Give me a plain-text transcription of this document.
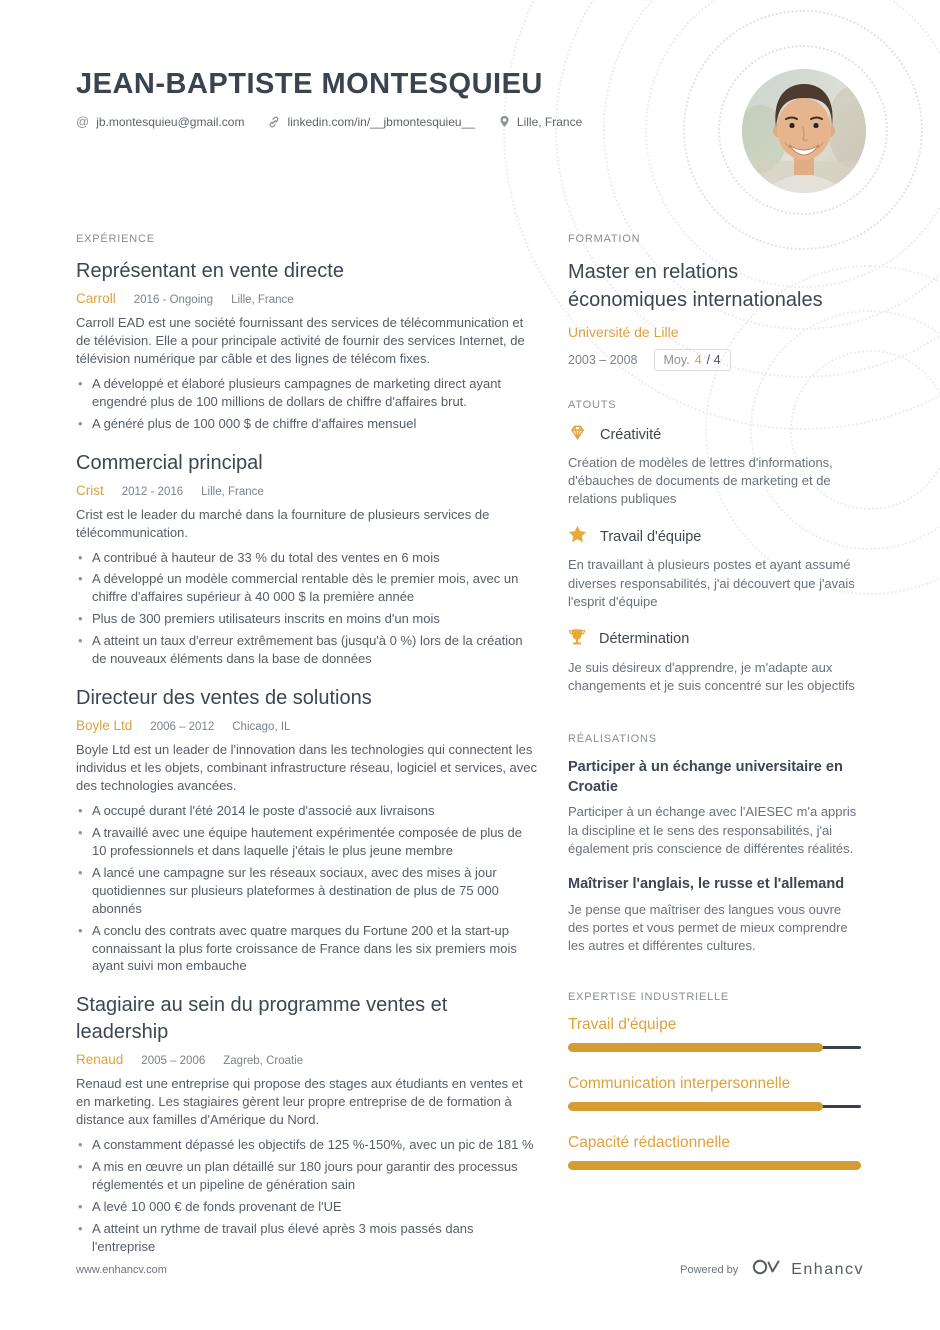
JEAN-BAPTISTE MONTESQUIEU
@ jb.montesquieu@gmail.com	linkedin.com/in/__jbmontesquieu__	Lille, France
EXPÉRIENCE
Représentant en vente directe
Carroll 2016 - Ongoing Lille, France

Carroll EAD est une société fournissant des services de télécommunication et de télévision. Elle a pour principale activité de fournir des services Internet, de télévision numérique par câble et des lignes de télécom fixes.

• A développé et élaboré plusieurs campagnes de marketing direct ayant engendré plus de 100 millions de dollars de chiffre d'affaires brut.
• A généré plus de 100 000 $ de chiffre d'affaires mensuel
Commercial principal
Crist 2012 - 2016 Lille, France

Crist est le leader du marché dans la fourniture de plusieurs services de télécommunication.

• A contribué à hauteur de 33 % du total des ventes en 6 mois
• A développé un modèle commercial rentable dès le premier mois, avec un chiffre d'affaires supérieur à 40 000 $ la première année
• Plus de 300 premiers utilisateurs inscrits en moins d'un mois
• A atteint un taux d'erreur extrêmement bas (jusqu'à 0 %) lors de la création de nouveaux éléments dans la base de données
Directeur des ventes de solutions
Boyle Ltd 2006 – 2012 Chicago, IL

Boyle Ltd est un leader de l'innovation dans les technologies qui connectent les individus et les objets, combinant infrastructure réseau, logiciel et services, avec des technologies avancées.

• A occupé durant l'été 2014 le poste d'associé aux livraisons
• A travaillé avec une équipe hautement expérimentée composée de plus de 10 professionnels et dans laquelle j'étais le plus jeune membre
• A lancé une campagne sur les réseaux sociaux, avec des mises à jour quotidiennes sur plusieurs plateformes à destination de plus de 75 000 abonnés
• A conclu des contrats avec quatre marques du Fortune 200 et la start-up connaissant la plus forte croissance de France dans les six premiers mois ayant suivi mon embauche
Stagiaire au sein du programme ventes et leadership
Renaud 2005 – 2006 Zagreb, Croatie

Renaud est une entreprise qui propose des stages aux étudiants en ventes et en marketing. Les stagiaires gèrent leur propre entreprise de de formation à distance aux familles d'Amérique du Nord.

• A constamment dépassé les objectifs de 125 %-150%, avec un pic de 181 %
• A mis en œuvre un plan détaillé sur 180 jours pour garantir des processus réglementés et un pipeline de génération sain
• A levé 10 000 € de fonds provenant de l'UE
• A atteint un rythme de travail plus élevé après 3 mois passés dans l'entreprise
FORMATION
Master en relations économiques internationales
Université de Lille
2003 – 2008 Moy. 4 / 4
ATOUTS
Créativité

Création de modèles de lettres d'informations, d'ébauches de documents de marketing et de relations publiques

Travail d'équipe

En travaillant à plusieurs postes et ayant assumé diverses responsabilités, j'ai découvert que j'avais l'esprit d'équipe

Détermination

Je suis désireux d'apprendre, je m'adapte aux changements et je suis concentré sur les objectifs

RÉALISATIONS
Participer à un échange universitaire en Croatie

Participer à un échange avec l'AIESEC m'a appris la discipline et le sens des responsabilités, j'ai également pris conscience de différentes réalités.

Maîtriser l'anglais, le russe et l'allemand

Je pense que maîtriser des langues vous ouvre des portes et vous permet de mieux comprendre les autres et différentes cultures.

EXPERTISE INDUSTRIELLE
Travail d'équipe
Communication interpersonnelle
Capacité rédactionnelle
www.enhancv.com	Powered by	Enhancv
